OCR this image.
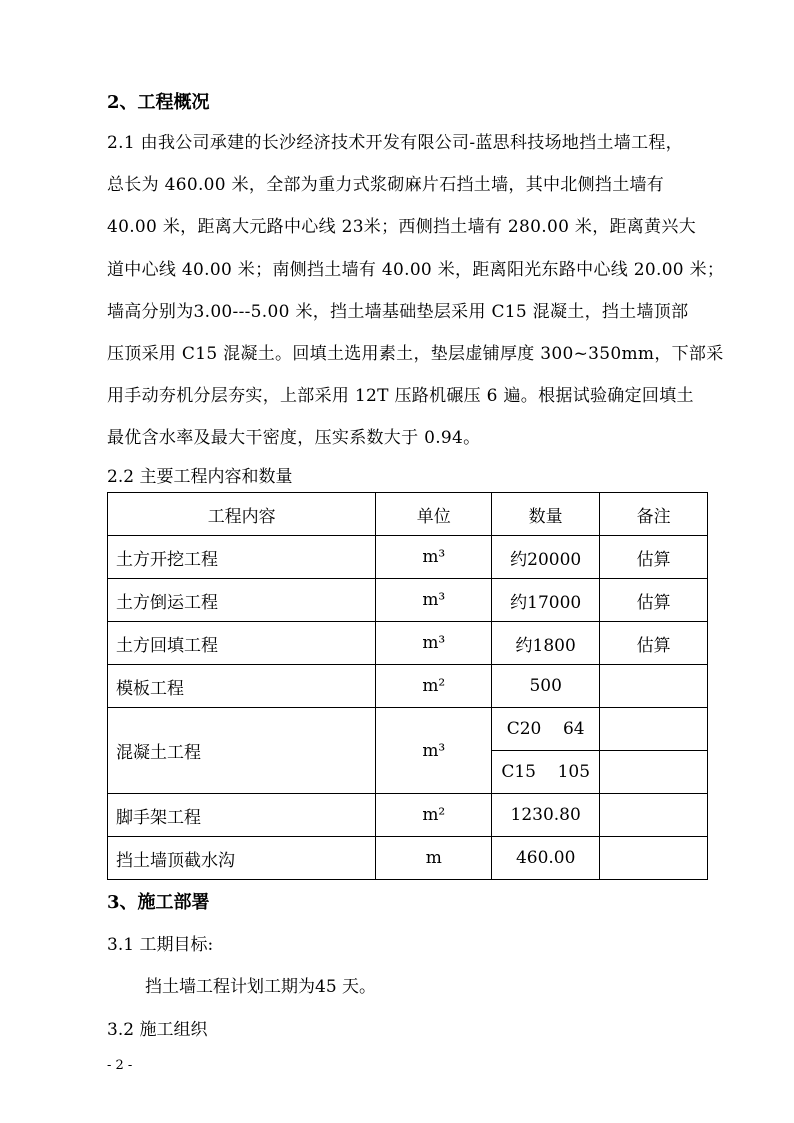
2、工程概况
2.1 由我公司承建的长沙经济技术开发有限公司-蓝思科技场地挡土墙工程，
总长为 460.00 米，全部为重力式浆砌麻片石挡土墙，其中北侧挡土墙有
40.00 米，距离大元路中心线 23米；西侧挡土墙有 280.00 米，距离黄兴大
道中心线 40.00 米；南侧挡土墙有 40.00 米，距离阳光东路中心线 20.00 米；
墙高分别为3.00---5.00 米，挡土墙基础垫层采用 C15 混凝土，挡土墙顶部
压顶采用 C15 混凝土。回填土选用素土，垫层虚铺厚度 300~350mm，下部采
用手动夯机分层夯实，上部采用 12T 压路机碾压 6 遍。根据试验确定回填土
最优含水率及最大干密度，压实系数大于 0.94。
2.2 主要工程内容和数量
工程内容	单位	数量	备注
土方开挖工程	m³	约20000	估算
土方倒运工程	m³	约17000	估算
土方回填工程	m³	约1800	估算
模板工程	m²	500	
混凝土工程	m³	C20    64	
		C15    105	
脚手架工程	m²	1230.80	
挡土墙顶截水沟	m	460.00	
3、施工部署
3.1 工期目标:
挡土墙工程计划工期为45 天。
3.2 施工组织
- 2 -
